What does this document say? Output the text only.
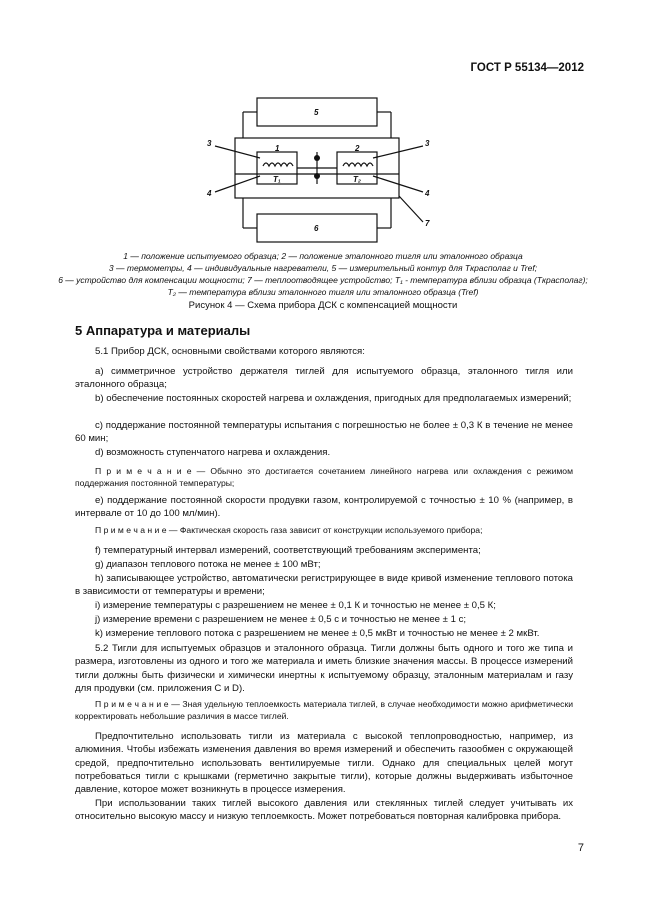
ГОСТ Р 55134—2012
5
6
1	2
T₁	T₂
3	3
4	4
7
1 — положение испытуемого образца; 2 — положение эталонного тигля или эталонного образца
3 — термометры, 4 — индивидуальные нагреватели, 5 — измерительный контур для Tкрасполаг и Tref;
6 — устройство для компенсации мощности; 7 — теплоотводящее устройство; T₁ - температура вблизи образца (Tкрасполаг);
T₂ — температура вблизи эталонного тигля или эталонного образца (Tref)
Рисунок 4 — Схема прибора ДСК с компенсацией мощности
5 Аппаратура и материалы
5.1 Прибор ДСК, основными свойствами которого являются:
a) симметричное устройство держателя тиглей для испытуемого образца, эталонного тигля или эталонного образца;
b) обеспечение постоянных скоростей нагрева и охлаждения, пригодных для предполагаемых измерений;
c) поддержание постоянной температуры испытания с погрешностью не более ± 0,3 К в течение не менее 60 мин;
d) возможность ступенчатого нагрева и охлаждения.
П р и м е ч а н и е — Обычно это достигается сочетанием линейного нагрева или охлаждения с режимом поддержания постоянной температуры;
e) поддержание постоянной скорости продувки газом, контролируемой с точностью ± 10 % (например, в интервале от 10 до 100 мл/мин).
П р и м е ч а н и е — Фактическая скорость газа зависит от конструкции используемого прибора;
f) температурный интервал измерений, соответствующий требованиям эксперимента;
g) диапазон теплового потока не менее ± 100 мВт;
h) записывающее устройство, автоматически регистрирующее в виде кривой изменение теплового потока в зависимости от температуры и времени;
i) измерение температуры с разрешением не менее ± 0,1 К и точностью не менее ± 0,5 К;
j) измерение времени с разрешением не менее ± 0,5 с и точностью не менее ± 1 с;
k) измерение теплового потока с разрешением не менее ± 0,5 мкВт и точностью не менее ± 2 мкВт.
5.2 Тигли для испытуемых образцов и эталонного образца. Тигли должны быть одного и того же типа и размера, изготовлены из одного и того же материала и иметь близкие значения массы. В процессе измерений тигли должны быть физически и химически инертны к испытуемому образцу, эталонным материалам и газу для продувки (см. приложения C и D).
П р и м е ч а н и е — Зная удельную теплоемкость материала тиглей, в случае необходимости можно арифметически корректировать небольшие различия в массе тиглей.
Предпочтительно использовать тигли из материала с высокой теплопроводностью, например, из алюминия. Чтобы избежать изменения давления во время измерений и обеспечить газообмен с окружающей средой, предпочтительно использовать вентилируемые тигли. Однако для специальных целей могут потребоваться тигли с крышками (герметично закрытые тигли), которые должны выдерживать избыточное давление, которое может возникнуть в процессе измерения.
При использовании таких тиглей высокого давления или стеклянных тиглей следует учитывать их относительно высокую массу и низкую теплоемкость. Может потребоваться повторная калибровка прибора.
7
